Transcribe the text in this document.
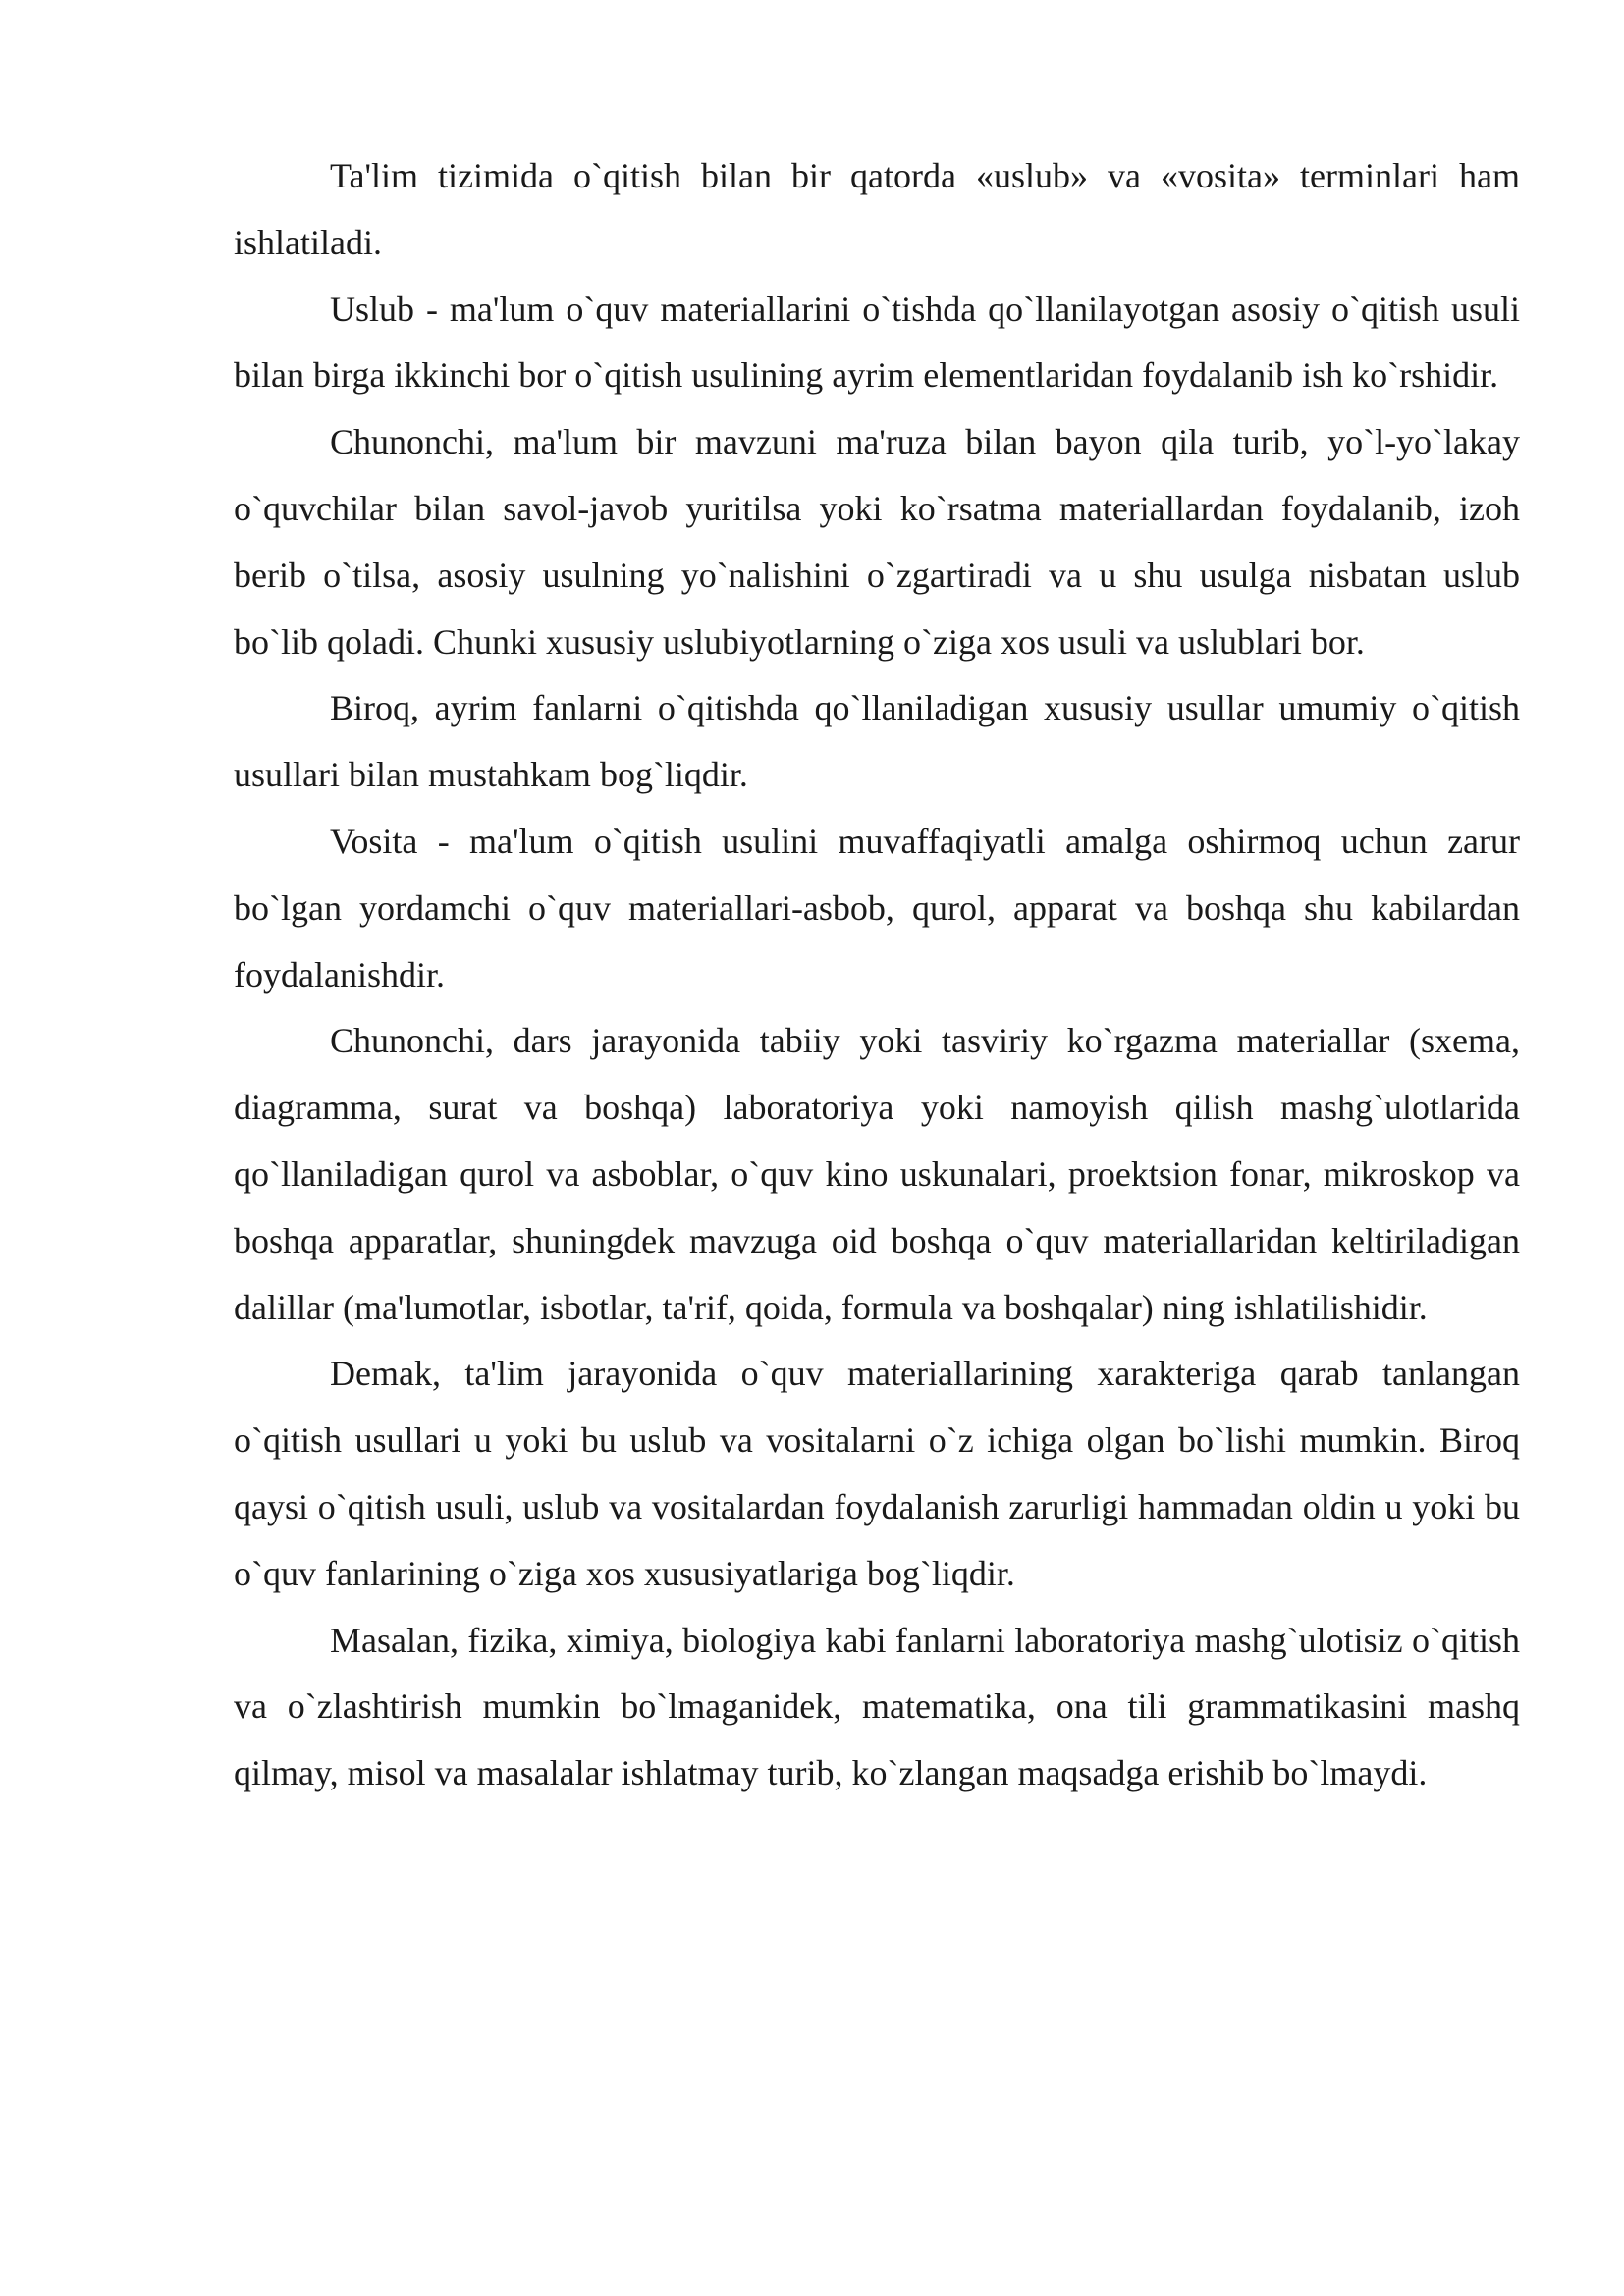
Ta'lim tizimida o`qitish bilan bir qatorda «uslub» va «vosita» terminlari ham ishlatiladi.

Uslub - ma'lum o`quv materiallarini o`tishda qo`llanilayotgan asosiy o`qitish usuli bilan birga ikkinchi bor o`qitish usulining ayrim elementlaridan foydalanib ish ko`rshidir.

Chunonchi, ma'lum bir mavzuni ma'ruza bilan bayon qila turib, yo`l-yo`lakay o`quvchilar bilan savol-javob yuritilsa yoki ko`rsatma materiallardan foydalanib, izoh berib o`tilsa, asosiy usulning yo`nalishini o`zgartiradi va u shu usulga nisbatan uslub bo`lib qoladi. Chunki xususiy uslubiyotlarning o`ziga xos usuli va uslublari bor.

Biroq, ayrim fanlarni o`qitishda qo`llaniladigan xususiy usullar umumiy o`qitish usullari bilan mustahkam bog`liqdir.

Vosita - ma'lum o`qitish usulini muvaffaqiyatli amalga oshirmoq uchun zarur bo`lgan yordamchi o`quv materiallari-asbob, qurol, apparat va boshqa shu kabilardan foydalanishdir.

Chunonchi, dars jarayonida tabiiy yoki tasviriy ko`rgazma materiallar (sxema, diagramma, surat va boshqa) laboratoriya yoki namoyish qilish mashg`ulotlarida qo`llaniladigan qurol va asboblar, o`quv kino uskunalari, proektsion fonar, mikroskop va boshqa apparatlar, shuningdek mavzuga oid boshqa o`quv materiallaridan keltiriladigan dalillar (ma'lumotlar, isbotlar, ta'rif, qoida, formula va boshqalar) ning ishlatilishidir.

Demak, ta'lim jarayonida o`quv materiallarining xarakteriga qarab tanlangan o`qitish usullari u yoki bu uslub va vositalarni o`z ichiga olgan bo`lishi mumkin. Biroq qaysi o`qitish usuli, uslub va vositalardan foydalanish zarurligi hammadan oldin u yoki bu o`quv fanlarining o`ziga xos xususiyatlariga bog`liqdir.

Masalan, fizika, ximiya, biologiya kabi fanlarni laboratoriya mashg`ulotisiz o`qitish va o`zlashtirish mumkin bo`lmaganidek, matematika, ona tili grammatikasini mashq qilmay, misol va masalalar ishlatmay turib, ko`zlangan maqsadga erishib bo`lmaydi.
